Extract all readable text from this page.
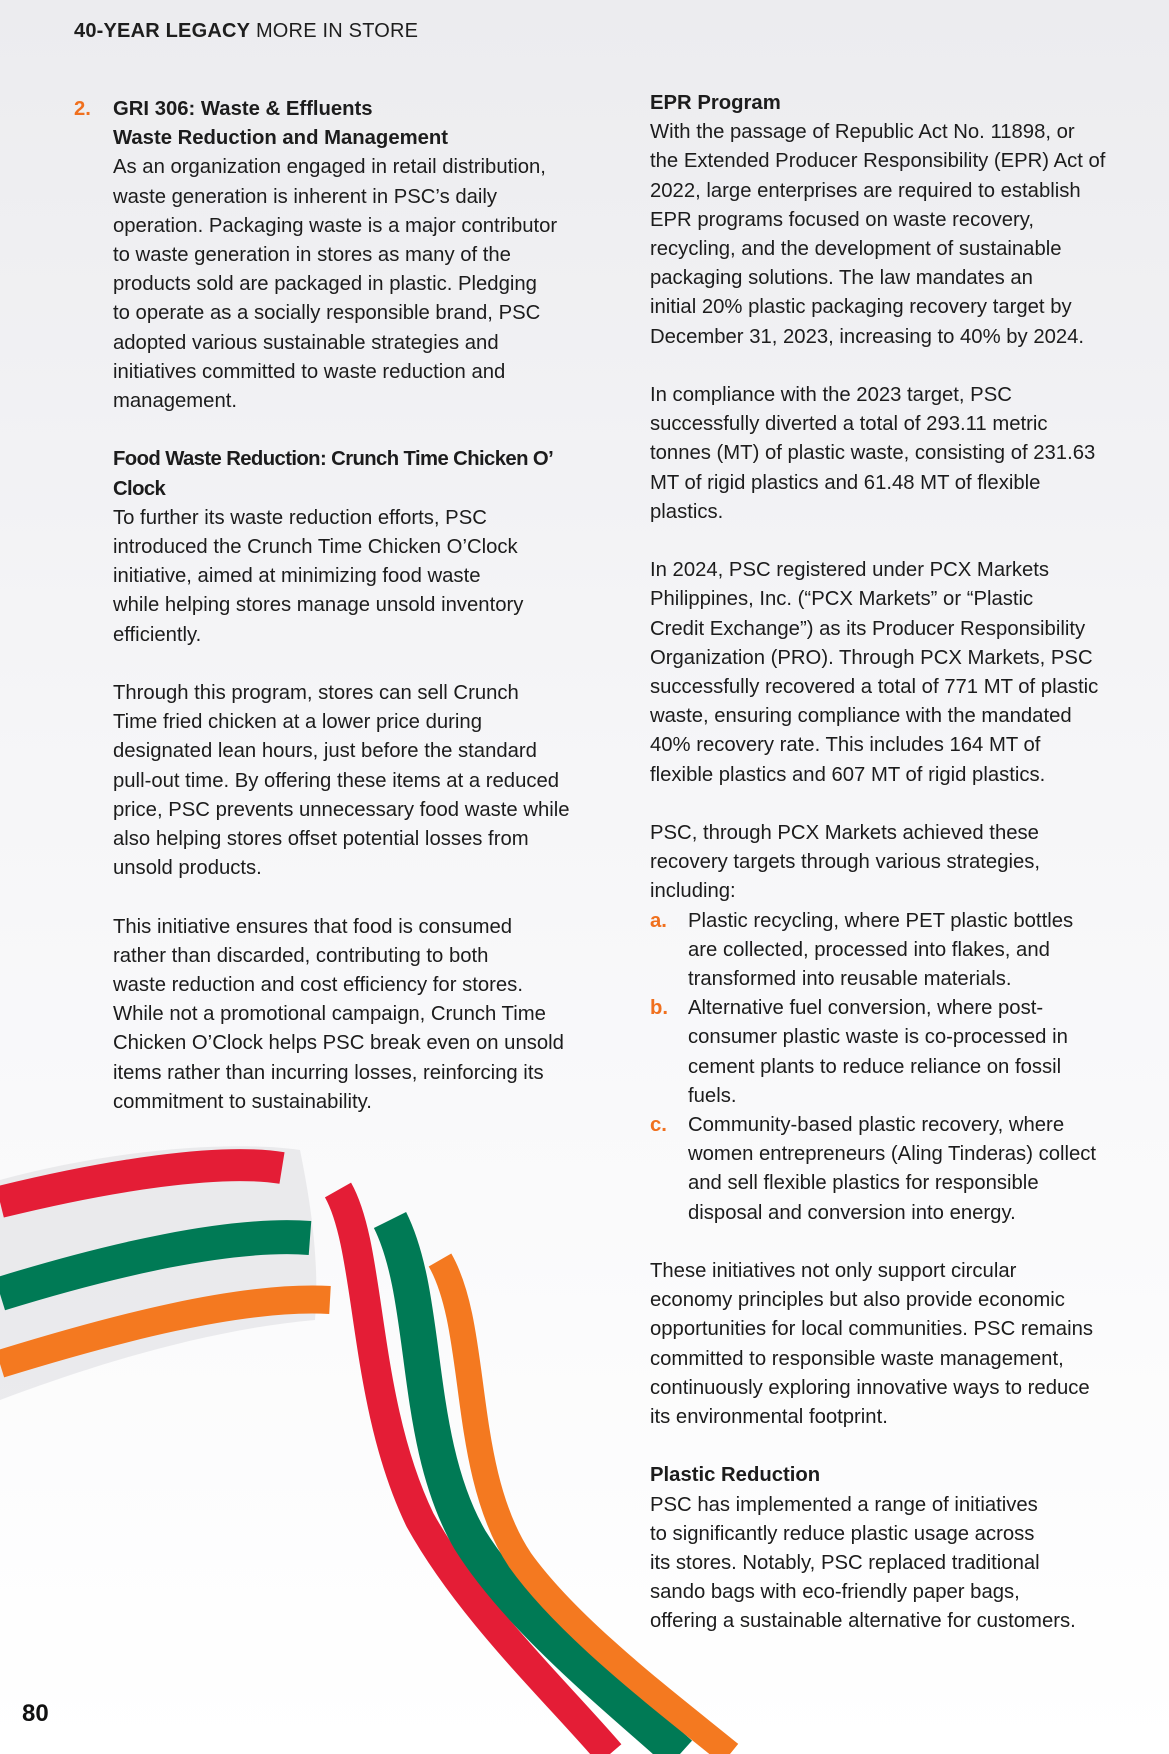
40-YEAR LEGACY MORE IN STORE
2. GRI 306: Waste & Effluents

Waste Reduction and Management

As an organization engaged in retail distribution,

waste generation is inherent in PSC’s daily

operation. Packaging waste is a major contributor

to waste generation in stores as many of the

products sold are packaged in plastic. Pledging

to operate as a socially responsible brand, PSC

adopted various sustainable strategies and

initiatives committed to waste reduction and

management.

Food Waste Reduction: Crunch Time Chicken O’ Clock

To further its waste reduction efforts, PSC

introduced the Crunch Time Chicken O’Clock

initiative, aimed at minimizing food waste

while helping stores manage unsold inventory

efficiently.

Through this program, stores can sell Crunch

Time fried chicken at a lower price during

designated lean hours, just before the standard

pull-out time. By offering these items at a reduced

price, PSC prevents unnecessary food waste while

also helping stores offset potential losses from

unsold products.

This initiative ensures that food is consumed

rather than discarded, contributing to both

waste reduction and cost efficiency for stores.

While not a promotional campaign, Crunch Time

Chicken O’Clock helps PSC break even on unsold

items rather than incurring losses, reinforcing its

commitment to sustainability.

EPR Program

With the passage of Republic Act No. 11898, or

the Extended Producer Responsibility (EPR) Act of

2022, large enterprises are required to establish

EPR programs focused on waste recovery,

recycling, and the development of sustainable

packaging solutions. The law mandates an

initial 20% plastic packaging recovery target by

December 31, 2023, increasing to 40% by 2024.

In compliance with the 2023 target, PSC

successfully diverted a total of 293.11 metric

tonnes (MT) of plastic waste, consisting of 231.63

MT of rigid plastics and 61.48 MT of flexible

plastics.

In 2024, PSC registered under PCX Markets

Philippines, Inc. (“PCX Markets” or “Plastic

Credit Exchange”) as its Producer Responsibility

Organization (PRO). Through PCX Markets, PSC

successfully recovered a total of 771 MT of plastic

waste, ensuring compliance with the mandated

40% recovery rate. This includes 164 MT of

flexible plastics and 607 MT of rigid plastics.

PSC, through PCX Markets achieved these

recovery targets through various strategies,

including:

a. Plastic recycling, where PET plastic bottles

are collected, processed into flakes, and

transformed into reusable materials.

b. Alternative fuel conversion, where post-

consumer plastic waste is co-processed in

cement plants to reduce reliance on fossil

fuels.

c. Community-based plastic recovery, where

women entrepreneurs (Aling Tinderas) collect

and sell flexible plastics for responsible

disposal and conversion into energy.

These initiatives not only support circular

economy principles but also provide economic

opportunities for local communities. PSC remains

committed to responsible waste management,

continuously exploring innovative ways to reduce

its environmental footprint.

Plastic Reduction

PSC has implemented a range of initiatives

to significantly reduce plastic usage across

its stores. Notably, PSC replaced traditional

sando bags with eco-friendly paper bags,

offering a sustainable alternative for customers.

80
